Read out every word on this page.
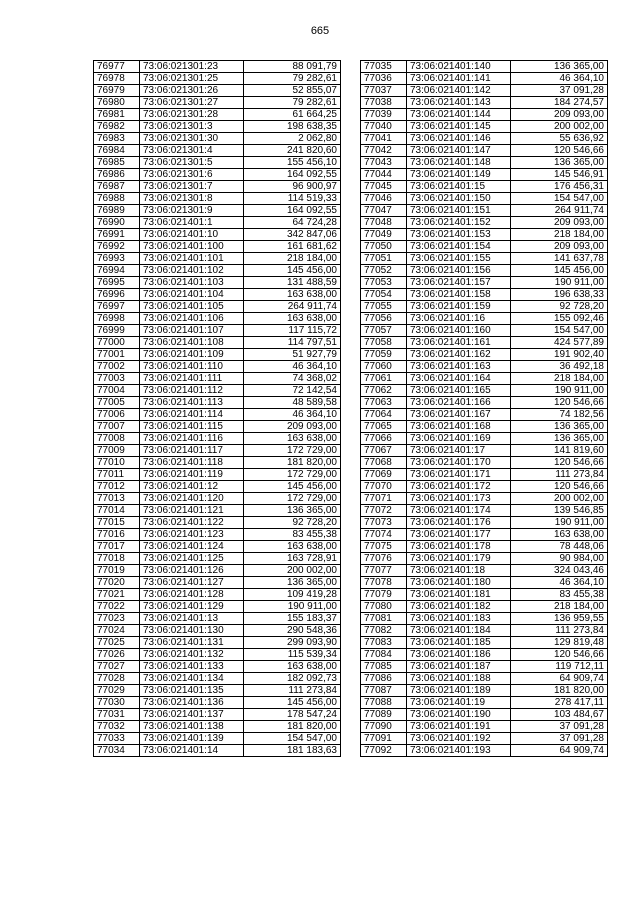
665
76977	73:06:021301:23	88 091,79
76978	73:06:021301:25	79 282,61
76979	73:06:021301:26	52 855,07
76980	73:06:021301:27	79 282,61
76981	73:06:021301:28	61 664,25
76982	73:06:021301:3	198 638,35
76983	73:06:021301:30	2 062,80
76984	73:06:021301:4	241 820,60
76985	73:06:021301:5	155 456,10
76986	73:06:021301:6	164 092,55
76987	73:06:021301:7	96 900,97
76988	73:06:021301:8	114 519,33
76989	73:06:021301:9	164 092,55
76990	73:06:021401:1	64 724,28
76991	73:06:021401:10	342 847,06
76992	73:06:021401:100	161 681,62
76993	73:06:021401:101	218 184,00
76994	73:06:021401:102	145 456,00
76995	73:06:021401:103	131 488,59
76996	73:06:021401:104	163 638,00
76997	73:06:021401:105	264 911,74
76998	73:06:021401:106	163 638,00
76999	73:06:021401:107	117 115,72
77000	73:06:021401:108	114 797,51
77001	73:06:021401:109	51 927,79
77002	73:06:021401:110	46 364,10
77003	73:06:021401:111	74 368,02
77004	73:06:021401:112	72 142,54
77005	73:06:021401:113	48 589,58
77006	73:06:021401:114	46 364,10
77007	73:06:021401:115	209 093,00
77008	73:06:021401:116	163 638,00
77009	73:06:021401:117	172 729,00
77010	73:06:021401:118	181 820,00
77011	73:06:021401:119	172 729,00
77012	73:06:021401:12	145 456,00
77013	73:06:021401:120	172 729,00
77014	73:06:021401:121	136 365,00
77015	73:06:021401:122	92 728,20
77016	73:06:021401:123	83 455,38
77017	73:06:021401:124	163 638,00
77018	73:06:021401:125	163 728,91
77019	73:06:021401:126	200 002,00
77020	73:06:021401:127	136 365,00
77021	73:06:021401:128	109 419,28
77022	73:06:021401:129	190 911,00
77023	73:06:021401:13	155 183,37
77024	73:06:021401:130	290 548,36
77025	73:06:021401:131	299 093,90
77026	73:06:021401:132	115 539,34
77027	73:06:021401:133	163 638,00
77028	73:06:021401:134	182 092,73
77029	73:06:021401:135	111 273,84
77030	73:06:021401:136	145 456,00
77031	73:06:021401:137	178 547,24
77032	73:06:021401:138	181 820,00
77033	73:06:021401:139	154 547,00
77034	73:06:021401:14	181 183,63
77035	73:06:021401:140	136 365,00
77036	73:06:021401:141	46 364,10
77037	73:06:021401:142	37 091,28
77038	73:06:021401:143	184 274,57
77039	73:06:021401:144	209 093,00
77040	73:06:021401:145	200 002,00
77041	73:06:021401:146	55 636,92
77042	73:06:021401:147	120 546,66
77043	73:06:021401:148	136 365,00
77044	73:06:021401:149	145 546,91
77045	73:06:021401:15	176 456,31
77046	73:06:021401:150	154 547,00
77047	73:06:021401:151	264 911,74
77048	73:06:021401:152	209 093,00
77049	73:06:021401:153	218 184,00
77050	73:06:021401:154	209 093,00
77051	73:06:021401:155	141 637,78
77052	73:06:021401:156	145 456,00
77053	73:06:021401:157	190 911,00
77054	73:06:021401:158	196 638,33
77055	73:06:021401:159	92 728,20
77056	73:06:021401:16	155 092,46
77057	73:06:021401:160	154 547,00
77058	73:06:021401:161	424 577,89
77059	73:06:021401:162	191 902,40
77060	73:06:021401:163	36 492,18
77061	73:06:021401:164	218 184,00
77062	73:06:021401:165	190 911,00
77063	73:06:021401:166	120 546,66
77064	73:06:021401:167	74 182,56
77065	73:06:021401:168	136 365,00
77066	73:06:021401:169	136 365,00
77067	73:06:021401:17	141 819,60
77068	73:06:021401:170	120 546,66
77069	73:06:021401:171	111 273,84
77070	73:06:021401:172	120 546,66
77071	73:06:021401:173	200 002,00
77072	73:06:021401:174	139 546,85
77073	73:06:021401:176	190 911,00
77074	73:06:021401:177	163 638,00
77075	73:06:021401:178	78 448,06
77076	73:06:021401:179	90 984,00
77077	73:06:021401:18	324 043,46
77078	73:06:021401:180	46 364,10
77079	73:06:021401:181	83 455,38
77080	73:06:021401:182	218 184,00
77081	73:06:021401:183	136 959,55
77082	73:06:021401:184	111 273,84
77083	73:06:021401:185	129 819,48
77084	73:06:021401:186	120 546,66
77085	73:06:021401:187	119 712,11
77086	73:06:021401:188	64 909,74
77087	73:06:021401:189	181 820,00
77088	73:06:021401:19	278 417,11
77089	73:06:021401:190	103 484,67
77090	73:06:021401:191	37 091,28
77091	73:06:021401:192	37 091,28
77092	73:06:021401:193	64 909,74
